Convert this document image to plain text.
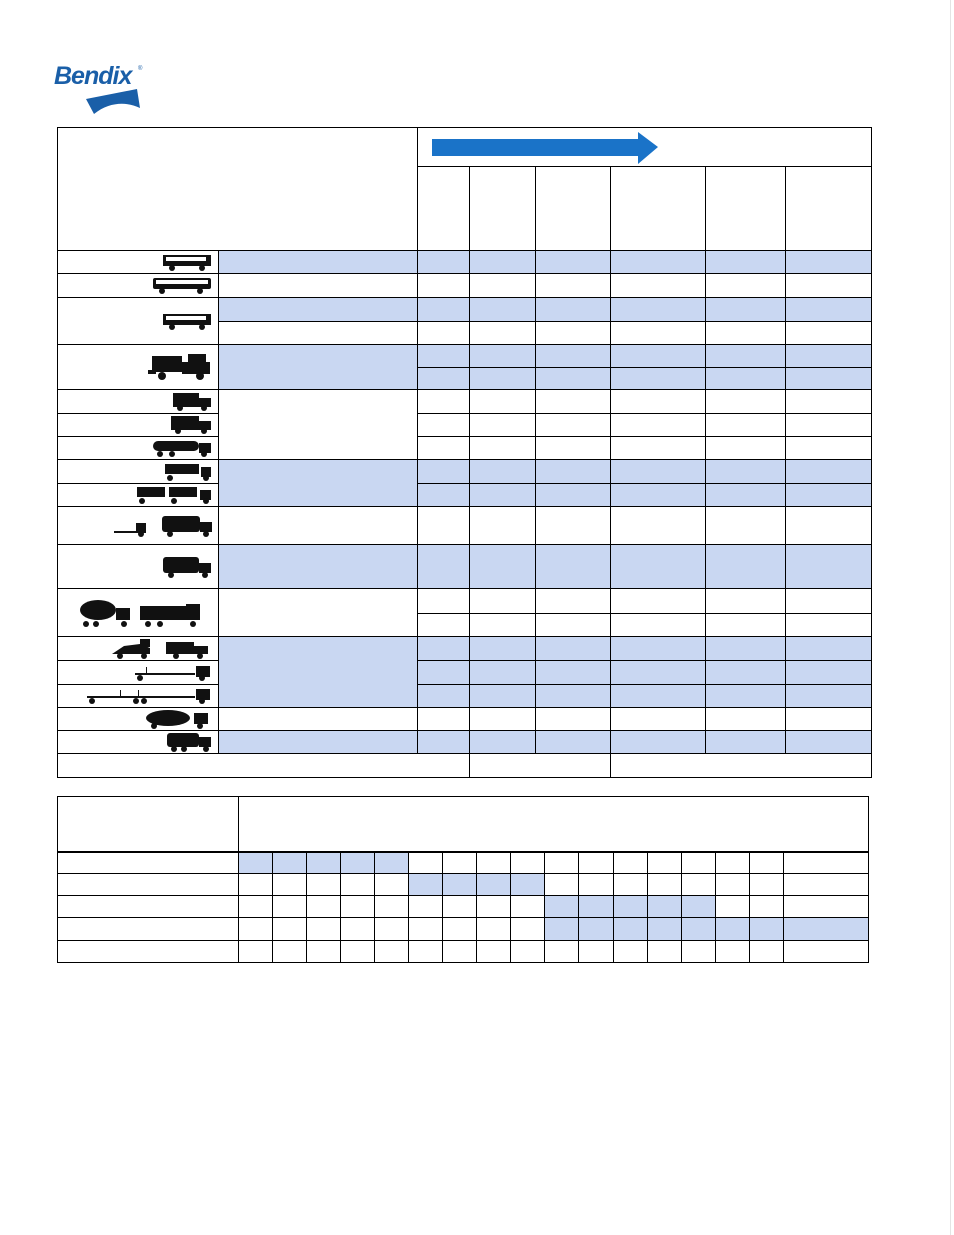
Bendix ®
